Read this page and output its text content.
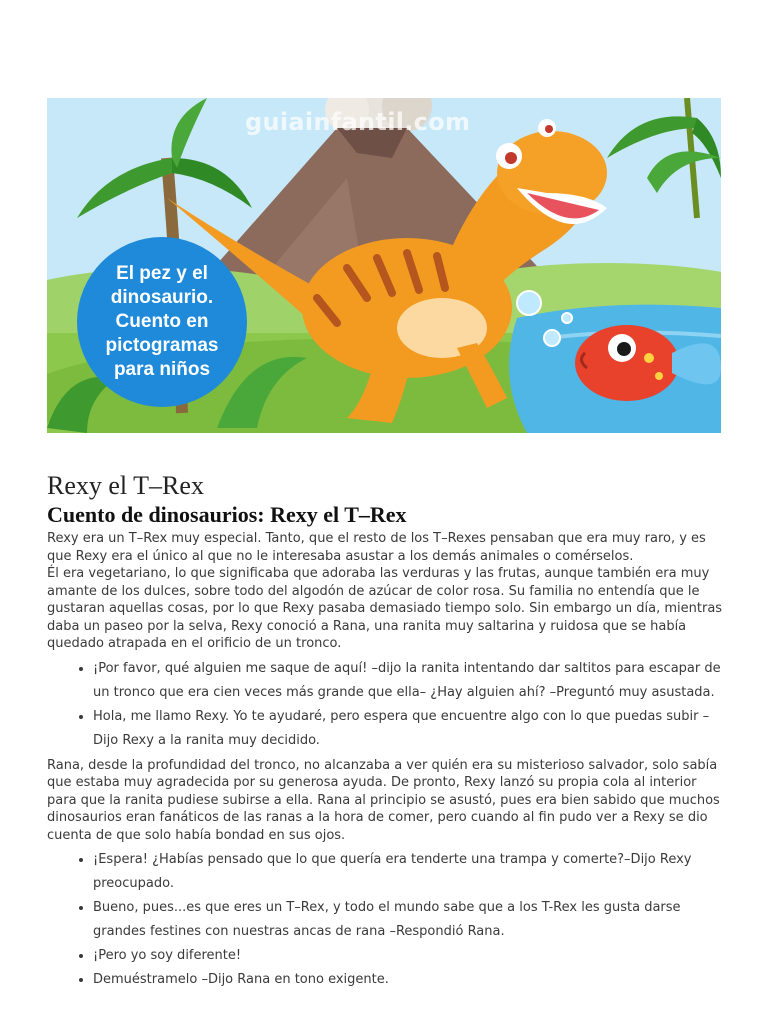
guiainfantil.com
El pez y el
dinosaurio.
Cuento en
pictogramas
para niños
Rexy el T–Rex
Cuento de dinosaurios: Rexy el T–Rex

Rexy era un T–Rex muy especial. Tanto, que el resto de los T–Rexes pensaban que era muy raro, y es que Rexy era el único al que no le interesaba asustar a los demás animales o comérselos.

Él era vegetariano, lo que significaba que adoraba las verduras y las frutas, aunque también era muy amante de los dulces, sobre todo del algodón de azúcar de color rosa. Su familia no entendía que le gustaran aquellas cosas, por lo que Rexy pasaba demasiado tiempo solo. Sin embargo un día, mientras daba un paseo por la selva, Rexy conoció a Rana, una ranita muy saltarina y ruidosa que se había quedado atrapada en el orificio de un tronco.

• ¡Por favor, qué alguien me saque de aquí! –dijo la ranita intentando dar saltitos para escapar de un tronco que era cien veces más grande que ella– ¿Hay alguien ahí? –Preguntó muy asustada.
• Hola, me llamo Rexy. Yo te ayudaré, pero espera que encuentre algo con lo que puedas subir – Dijo Rexy a la ranita muy decidido.

Rana, desde la profundidad del tronco, no alcanzaba a ver quién era su misterioso salvador, solo sabía que estaba muy agradecida por su generosa ayuda. De pronto, Rexy lanzó su propia cola al interior para que la ranita pudiese subirse a ella. Rana al principio se asustó, pues era bien sabido que muchos dinosaurios eran fanáticos de las ranas a la hora de comer, pero cuando al fin pudo ver a Rexy se dio cuenta de que solo había bondad en sus ojos.

• ¡Espera! ¿Habías pensado que lo que quería era tenderte una trampa y comerte?–Dijo Rexy preocupado.
• Bueno, pues...es que eres un T–Rex, y todo el mundo sabe que a los T-Rex les gusta darse grandes festines con nuestras ancas de rana –Respondió Rana.
• ¡Pero yo soy diferente!
• Demuéstramelo –Dijo Rana en tono exigente.
